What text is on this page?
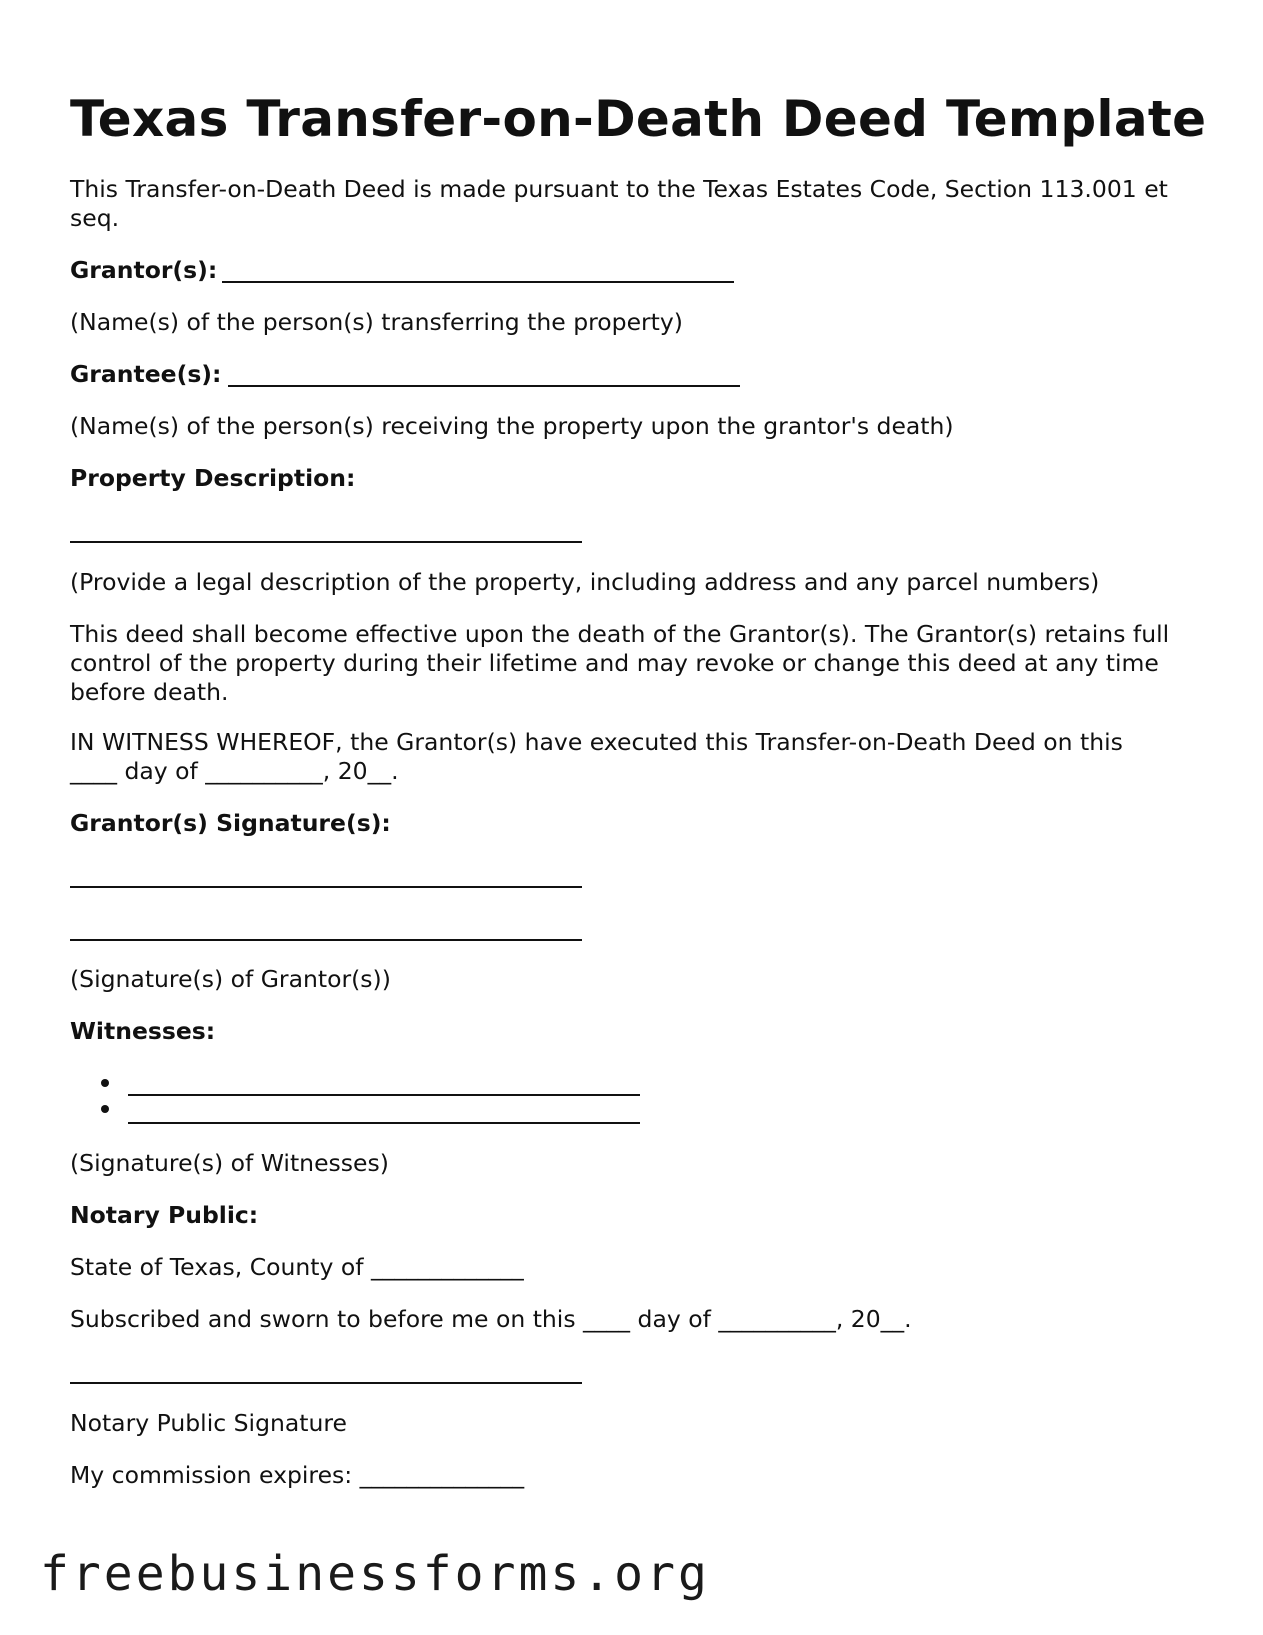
Texas Transfer-on-Death Deed Template

This Transfer-on-Death Deed is made pursuant to the Texas Estates Code, Section 113.001 et seq.

Grantor(s):

(Name(s) of the person(s) transferring the property)

Grantee(s):

(Name(s) of the person(s) receiving the property upon the grantor's death)

Property Description:

(Provide a legal description of the property, including address and any parcel numbers)

This deed shall become effective upon the death of the Grantor(s). The Grantor(s) retains full control of the property during their lifetime and may revoke or change this deed at any time before death.

IN WITNESS WHEREOF, the Grantor(s) have executed this Transfer-on-Death Deed on this

____ day of __________, 20__.

Grantor(s) Signature(s):

(Signature(s) of Grantor(s))

Witnesses:

(Signature(s) of Witnesses)

Notary Public:

State of Texas, County of _____________

Subscribed and sworn to before me on this ____ day of __________, 20__.

Notary Public Signature

My commission expires: ______________

freebusinessforms.org
